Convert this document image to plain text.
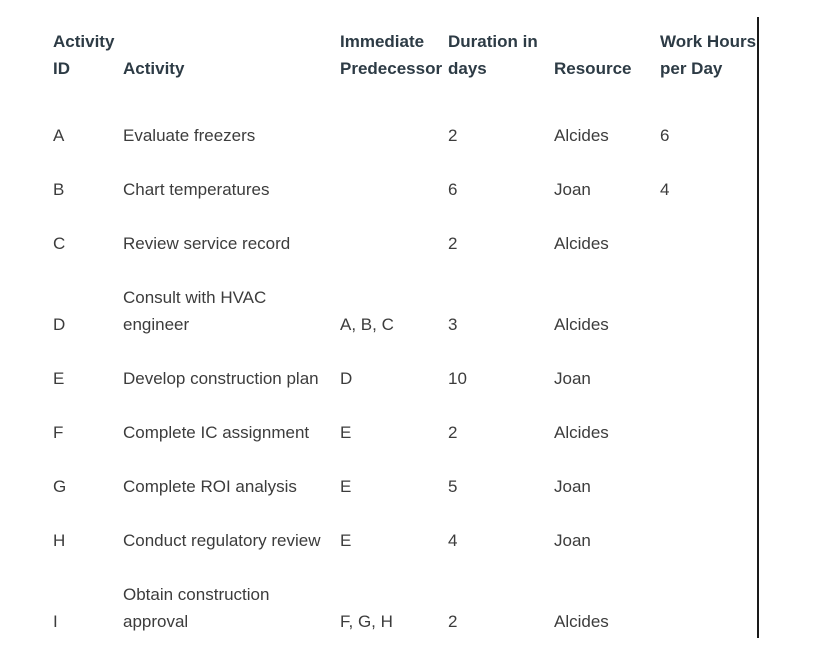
Activity ID	Activity	Immediate Predecessor	Duration in days	Resource	Work Hours per Day
A	Evaluate freezers		2	Alcides	6
B	Chart temperatures		6	Joan	4
C	Review service record		2	Alcides	
D	Consult with HVAC engineer	A, B, C	3	Alcides	
E	Develop construction plan	D	10	Joan	
F	Complete IC assignment	E	2	Alcides	
G	Complete ROI analysis	E	5	Joan	
H	Conduct regulatory review	E	4	Joan	
I	Obtain construction approval	F, G, H	2	Alcides	
